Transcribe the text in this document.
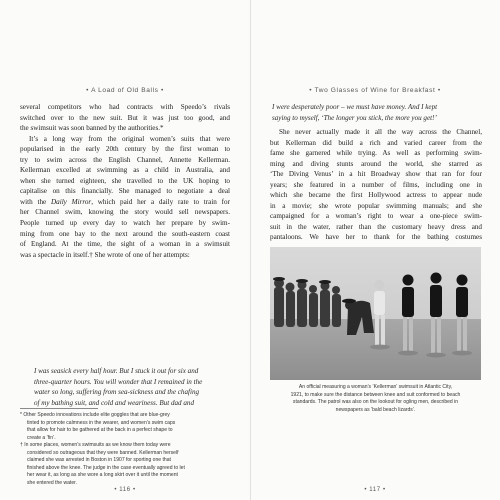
• A Load of Old Balls •

several competitors who had contracts with Speedo’s rivals
switched over to the new suit. But it was just too good, and
the swimsuit was soon banned by the authorities.*

It’s a long way from the original women’s suits that were
popularised in the early 20th century by the first woman to
try to swim across the English Channel, Annette Kellerman.
Kellerman excelled at swimming as a child in Australia, and
when she turned eighteen, she travelled to the UK hoping to
capitalise on this financially. She managed to negotiate a deal
with the Daily Mirror, which paid her a daily rate to train for
her Channel swim, knowing the story would sell newspapers.
People turned up every day to watch her prepare by swim-
ming from one bay to the next around the south-eastern coast
of England. At the time, the sight of a woman in a swimsuit
was a spectacle in itself.† She wrote of one of her attempts:

I was seasick every half hour. But I stuck it out for six and
three-quarter hours. You will wonder that I remained in the
water so long, suffering from sea-sickness and the chafing
of my bathing suit, and cold and weariness. But dad and
* Other Speedo innovations include elite goggles that are blue-grey
tinted to promote calmness in the wearer, and women’s swim caps
that allow for hair to be gathered at the back in a perfect shape to
create a ‘fin’.
† In some places, women’s swimsuits as we know them today were
considered so outrageous that they were banned. Kellerman herself
claimed she was arrested in Boston in 1907 for sporting one that
finished above the knee. The judge in the case eventually agreed to let
her wear it, as long as she wore a long skirt over it until the moment
she entered the water.
• 116 •
• Two Glasses of Wine for Breakfast •
I were desperately poor – we must have money. And I kept
saying to myself, ‘The longer you stick, the more you get!’

She never actually made it all the way across the Channel,
but Kellerman did build a rich and varied career from the
fame she garnered while trying. As well as performing swim-
ming and diving stunts around the world, she starred as
‘The Diving Venus’ in a hit Broadway show that ran for four
years; she featured in a number of films, including one in
which she became the first Hollywood actress to appear nude
in a movie; she wrote popular swimming manuals; and she
campaigned for a woman’s right to wear a one-piece swim-
suit in the water, rather than the customary heavy dress and
pantaloons. We have her to thank for the bathing costumes

An official measuring a woman’s ‘Kellerman’ swimsuit in Atlantic City,
1921, to make sure the distance between knee and suit conformed to beach
standards. The patrol was also on the lookout for ogling men, described in
newspapers as ‘bald beach lizards’.
• 117 •
